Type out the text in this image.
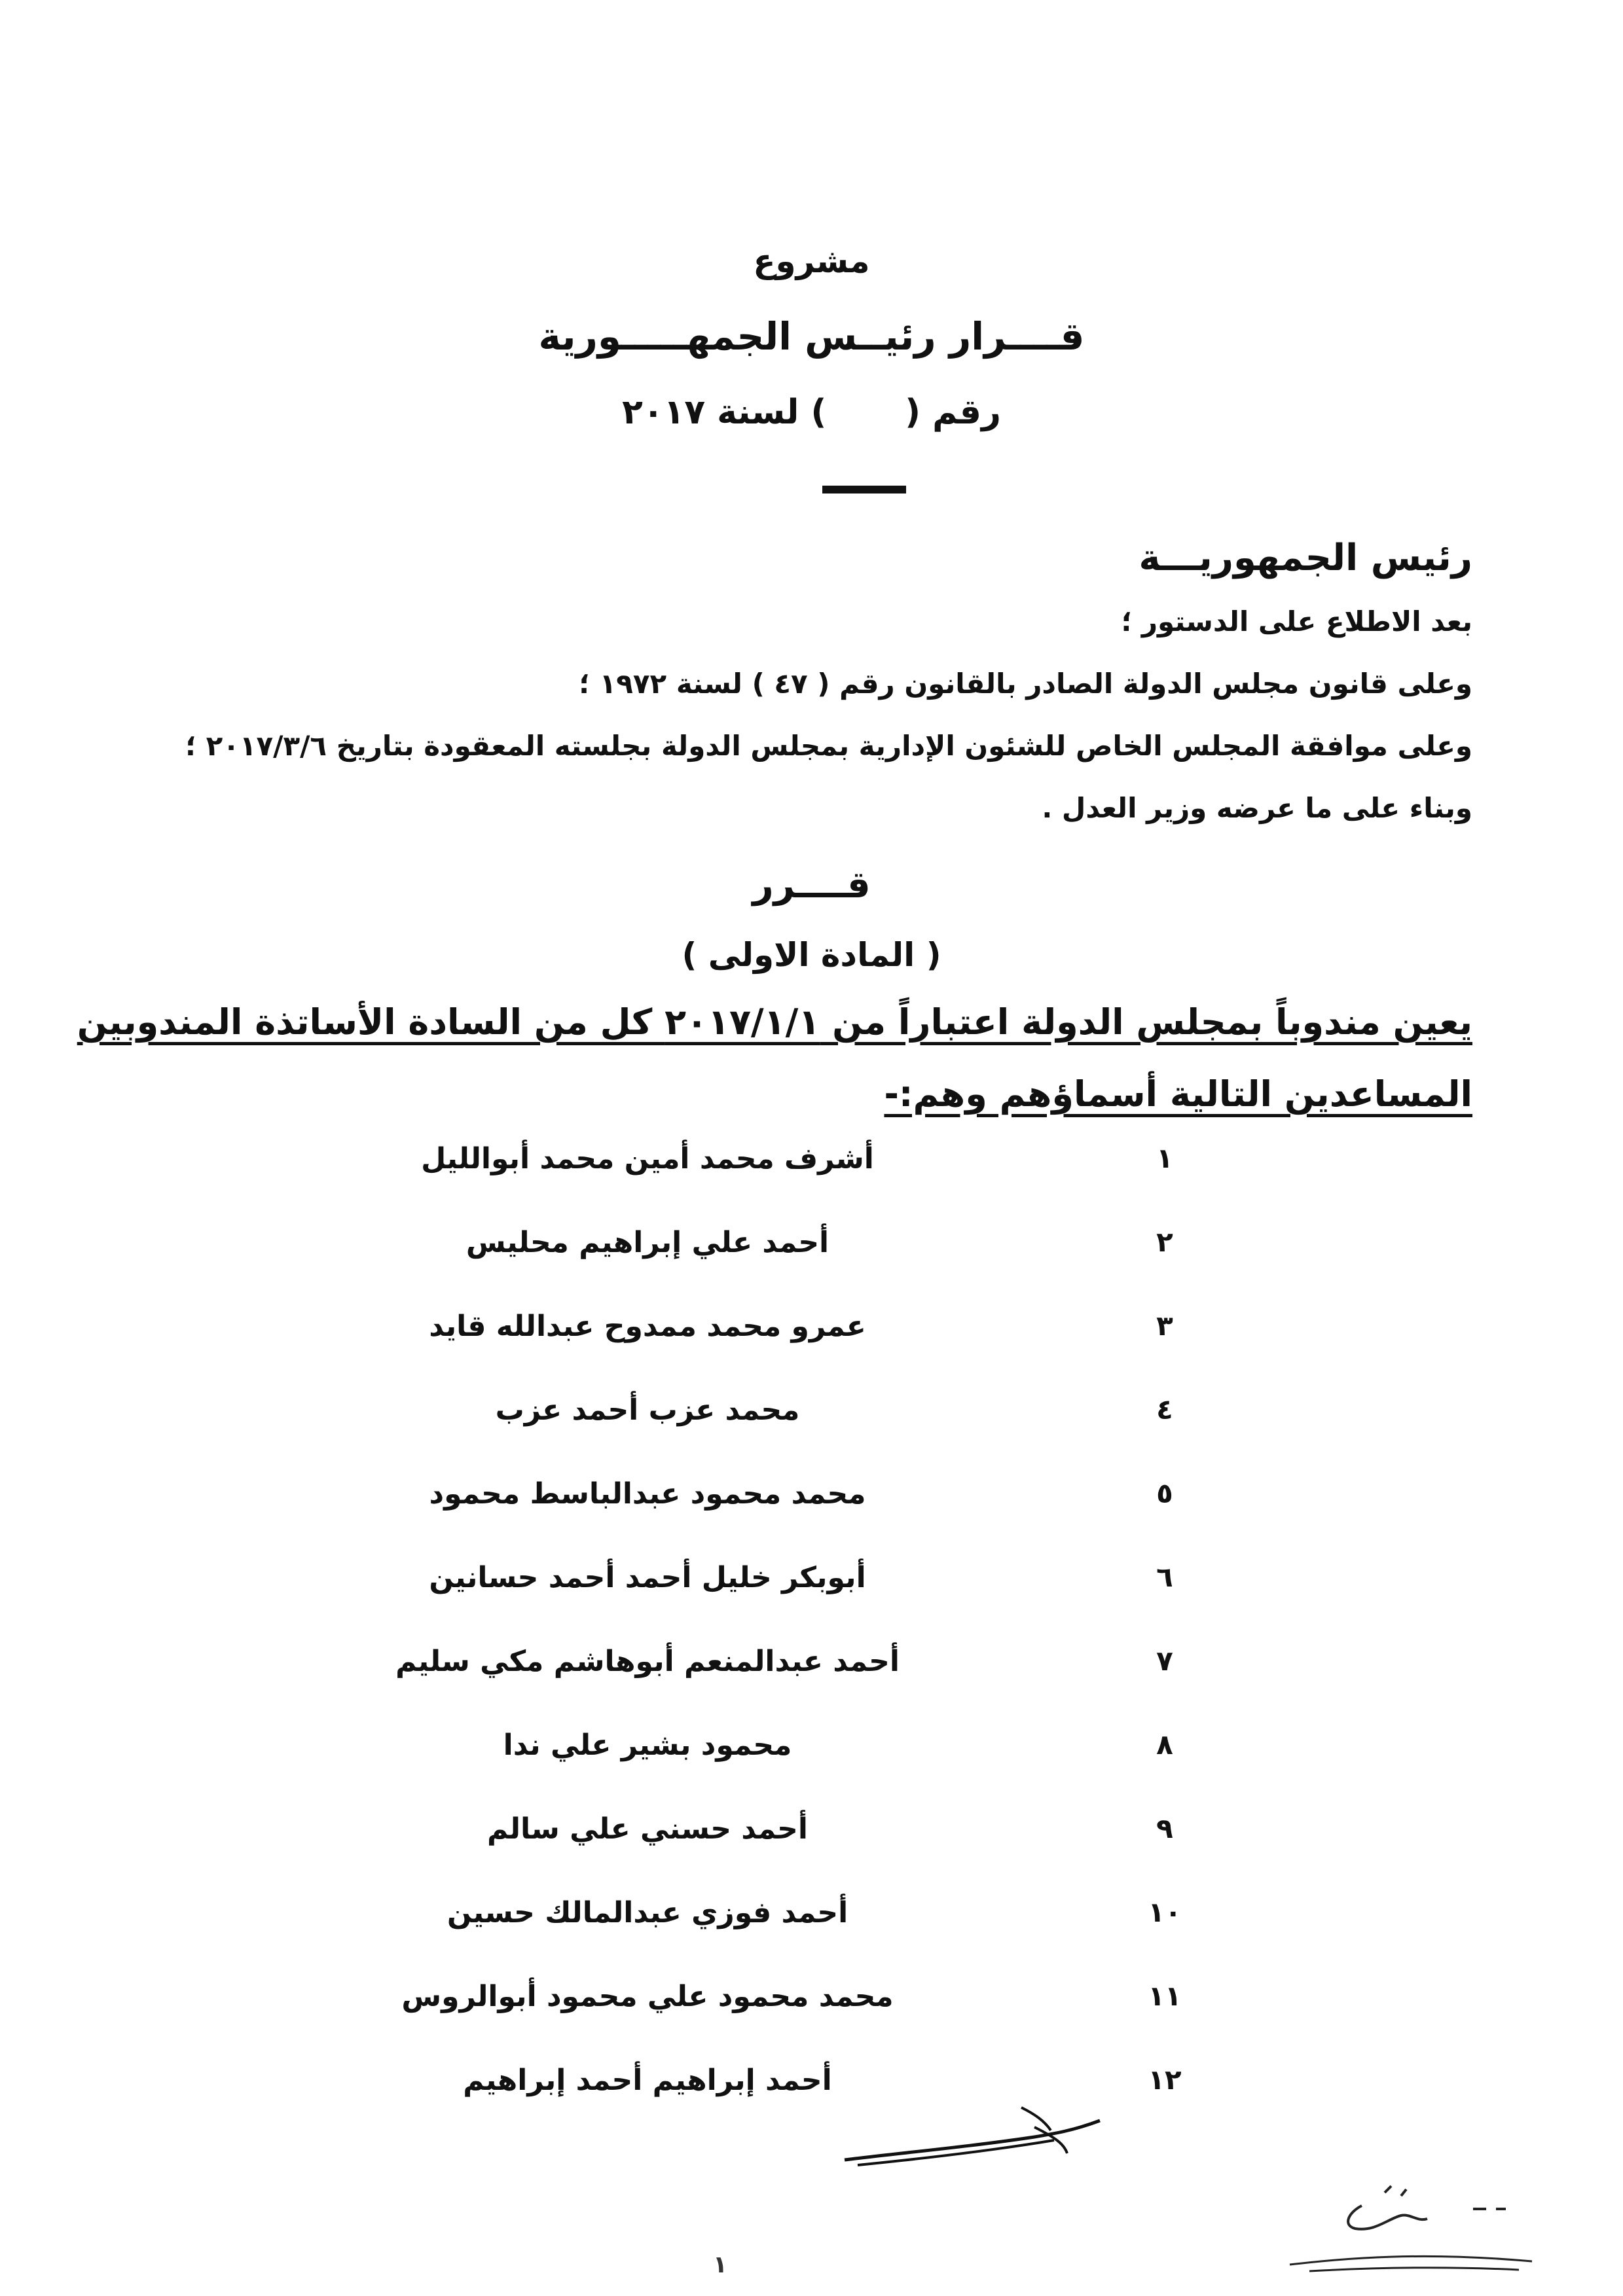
مشروع
قــــرار رئيــس الجمهـــــورية
رقم () لسنة ٢٠١٧
رئيس الجمهوريـــة
بعد الاطلاع على الدستور ؛
وعلى قانون مجلس الدولة الصادر بالقانون رقم ( ٤٧ ) لسنة ١٩٧٢ ؛
وعلى موافقة المجلس الخاص للشئون الإدارية بمجلس الدولة بجلسته المعقودة بتاريخ ٢٠١٧/٣/٦ ؛
وبناء على ما عرضه وزير العدل .
قــــرر
( المادة الاولى )
يعين مندوباً بمجلس الدولة اعتباراً من ٢٠١٧/١/١ كل من السادة الأساتذة المندوبين
المساعدين التالية أسماؤهم وهم:-
١
أشرف محمد أمين محمد أبوالليل
٢
أحمد علي إبراهيم محليس
٣
عمرو محمد ممدوح عبدالله قايد
٤
محمد عزب أحمد عزب
٥
محمد محمود عبدالباسط محمود
٦
أبوبكر خليل أحمد أحمد حسانين
٧
أحمد عبدالمنعم أبوهاشم مكي سليم
٨
محمود بشير علي ندا
٩
أحمد حسني علي سالم
١٠
أحمد فوزي عبدالمالك حسين
١١
محمد محمود علي محمود أبوالروس
١٢
أحمد إبراهيم أحمد إبراهيم
١
